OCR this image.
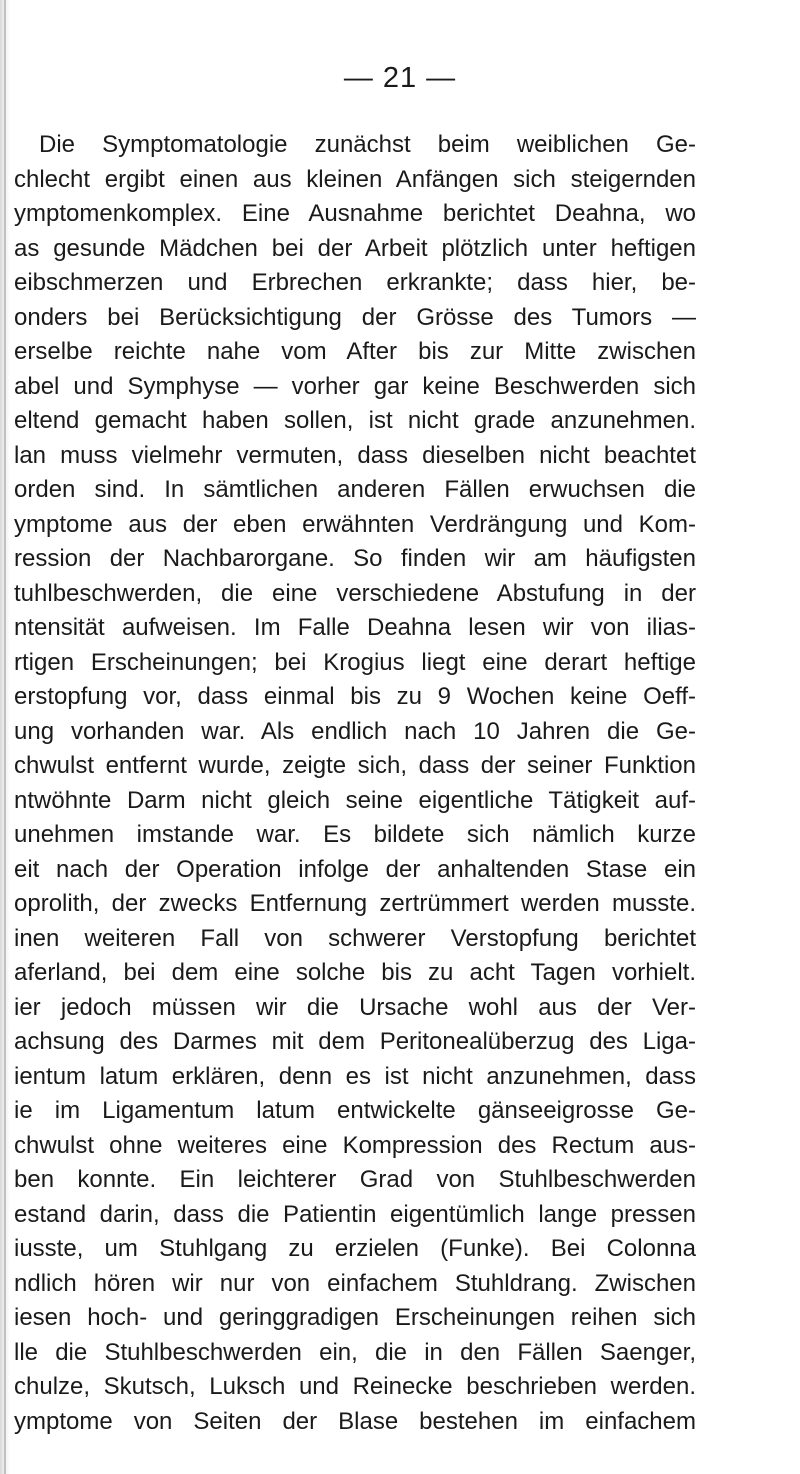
— 21 —
Die Symptomatologie zunächst beim weiblichen Ge-
chlecht ergibt einen aus kleinen Anfängen sich steigernden
ymptomenkomplex. Eine Ausnahme berichtet Deahna, wo
as gesunde Mädchen bei der Arbeit plötzlich unter heftigen
eibschmerzen und Erbrechen erkrankte; dass hier, be-
onders bei Berücksichtigung der Grösse des Tumors —
erselbe reichte nahe vom After bis zur Mitte zwischen
abel und Symphyse — vorher gar keine Beschwerden sich
eltend gemacht haben sollen, ist nicht grade anzunehmen.
lan muss vielmehr vermuten, dass dieselben nicht beachtet
orden sind. In sämtlichen anderen Fällen erwuchsen die
ymptome aus der eben erwähnten Verdrängung und Kom-
ression der Nachbarorgane. So finden wir am häufigsten
tuhlbeschwerden, die eine verschiedene Abstufung in der
ntensität aufweisen. Im Falle Deahna lesen wir von ilias-
rtigen Erscheinungen; bei Krogius liegt eine derart heftige
erstopfung vor, dass einmal bis zu 9 Wochen keine Oeff-
ung vorhanden war. Als endlich nach 10 Jahren die Ge-
chwulst entfernt wurde, zeigte sich, dass der seiner Funktion
ntwöhnte Darm nicht gleich seine eigentliche Tätigkeit auf-
unehmen imstande war. Es bildete sich nämlich kurze
eit nach der Operation infolge der anhaltenden Stase ein
oprolith, der zwecks Entfernung zertrümmert werden musste.
inen weiteren Fall von schwerer Verstopfung berichtet
aferland, bei dem eine solche bis zu acht Tagen vorhielt.
ier jedoch müssen wir die Ursache wohl aus der Ver-
achsung des Darmes mit dem Peritonealüberzug des Liga-
ientum latum erklären, denn es ist nicht anzunehmen, dass
ie im Ligamentum latum entwickelte gänseeigrosse Ge-
chwulst ohne weiteres eine Kompression des Rectum aus-
ben konnte. Ein leichterer Grad von Stuhlbeschwerden
estand darin, dass die Patientin eigentümlich lange pressen
iusste, um Stuhlgang zu erzielen (Funke). Bei Colonna
ndlich hören wir nur von einfachem Stuhldrang. Zwischen
iesen hoch- und geringgradigen Erscheinungen reihen sich
lle die Stuhlbeschwerden ein, die in den Fällen Saenger,
chulze, Skutsch, Luksch und Reinecke beschrieben werden.
ymptome von Seiten der Blase bestehen im einfachem
